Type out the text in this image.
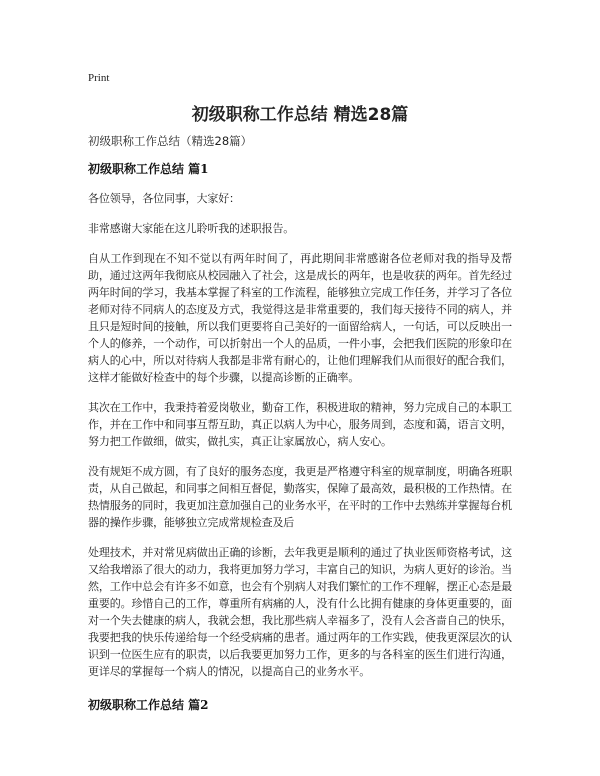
Print
初级职称工作总结 精选28篇
初级职称工作总结（精选28篇）
初级职称工作总结 篇1

各位领导，各位同事，大家好：

非常感谢大家能在这儿聆听我的述职报告。

自从工作到现在不知不觉以有两年时间了，再此期间非常感谢各位老师对我的指导及帮助，通过这两年我彻底从校园融入了社会，这是成长的两年，也是收获的两年。首先经过两年时间的学习，我基本掌握了科室的工作流程，能够独立完成工作任务，并学习了各位老师对待不同病人的态度及方式，我觉得这是非常重要的，我们每天接待不同的病人，并且只是短时间的接触，所以我们更要将自己美好的一面留给病人，一句话，可以反映出一个人的修养，一个动作，可以折射出一个人的品质，一件小事，会把我们医院的形象印在病人的心中，所以对待病人我都是非常有耐心的，让他们理解我们从而很好的配合我们，这样才能做好检查中的每个步骤，以提高诊断的正确率。

其次在工作中，我秉持着爱岗敬业，勤奋工作，积极进取的精神，努力完成自己的本职工作，并在工作中和同事互帮互助，真正以病人为中心，服务周到，态度和蔼，语言文明，努力把工作做细，做实，做扎实，真正让家属放心，病人安心。

没有规矩不成方圆，有了良好的服务态度，我更是严格遵守科室的规章制度，明确各班职责，从自己做起，和同事之间相互督促，勤落实，保障了最高效，最积极的工作热情。在热情服务的同时，我更加注意加强自己的业务水平，在平时的工作中去熟练并掌握每台机器的操作步骤，能够独立完成常规检查及后

处理技术，并对常见病做出正确的诊断，去年我更是顺利的通过了执业医师资格考试，这又给我增添了很大的动力，我将更加努力学习，丰富自己的知识，为病人更好的诊治。当然，工作中总会有许多不如意，也会有个别病人对我们繁忙的工作不理解，摆正心态是最重要的。珍惜自己的工作，尊重所有病痛的人，没有什么比拥有健康的身体更重要的，面对一个失去健康的病人，我就会想，我比那些病人幸福多了，没有人会吝啬自己的快乐，我要把我的快乐传递给每一个经受病痛的患者。通过两年的工作实践，使我更深层次的认识到一位医生应有的职责，以后我要更加努力工作，更多的与各科室的医生们进行沟通，更详尽的掌握每一个病人的情况，以提高自己的业务水平。

初级职称工作总结 篇2
